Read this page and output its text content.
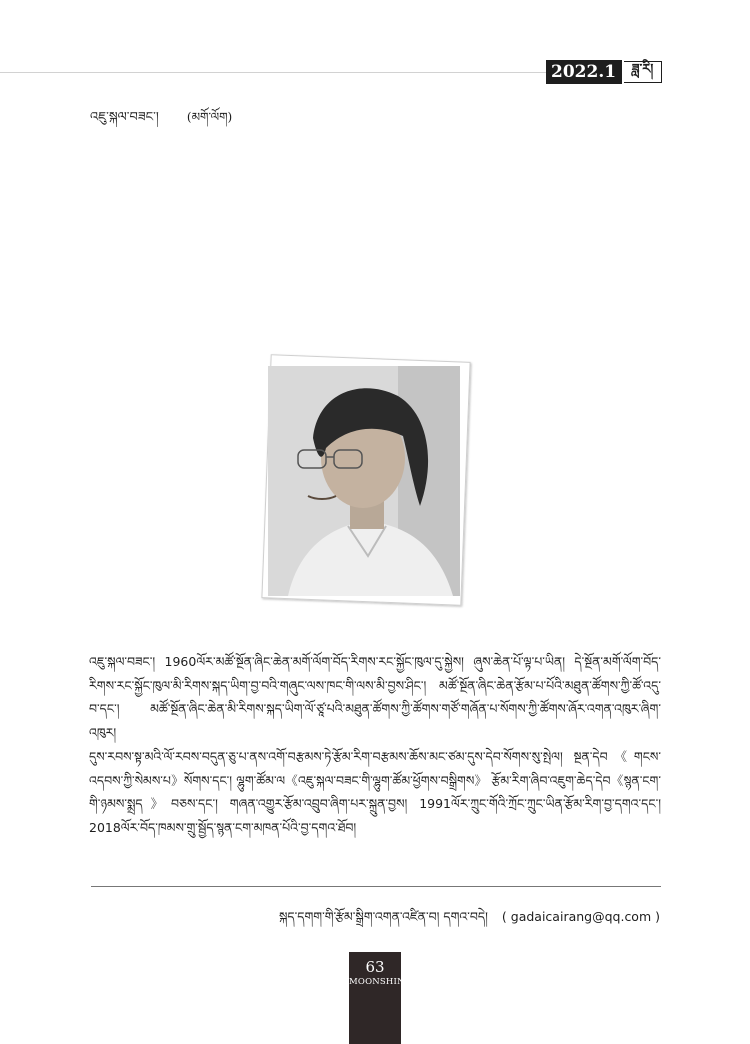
2022.1	ཟླ་རི།
འཇུ་སྐལ་བཟང་། (མགོ་ལོག)
འཇུ་སྐལ་བཟང་། 1960ལོར་མཚོ་སྔོན་ཞིང་ཆེན་མགོ་ལོག་བོད་རིགས་རང་སྐྱོང་ཁུལ་དུ་སྐྱེས། ཞུས་ཆེན་པོ་ལྟ་པ་ཡིན། དེ་སྔོན་མགོ་ལོག་བོད་རིགས་རང་སྐྱོང་ཁུལ་མི་རིགས་སྐད་ཡིག་བྱ་བའི་གཞུང་ལས་ཁང་གི་ལས་མི་བྱས་ཤིང་། མཚོ་སྔོན་ཞིང་ཆེན་རྩོམ་པ་པོའི་མཐུན་ཚོགས་ཀྱི་ཚོ་འདུ་བ་དང་། མཚོ་སྔོན་ཞིང་ཆེན་མི་རིགས་སྐད་ཡིག་ལོ་ཙཱ་པའི་མཐུན་ཚོགས་ཀྱི་ཚོགས་གཙོ་གཞོན་པ་སོགས་ཀྱི་ཚོགས་ཞོར་འགན་འཁུར་ཞིག་འཁུར།
དུས་རབས་སྟ་མའི་ལོ་རབས་བདུན་ཅུ་པ་ནས་འགོ་བརྩམས་ཏེ་རྩོམ་རིག་བརྩམས་ཆོས་མང་ཙམ་དུས་དེབ་སོགས་སུ་སྤེལ། སྔན་དེབ《གངས་འདབས་ཀྱི་སེམས་པ》སོགས་དང་། ལྷུག་ཚོམ་ལ《འཇུ་སྐལ་བཟང་གི་ལྷུག་ཚོམ་ཕྱོགས་བསྒྲིགས》 རྩོམ་རིག་ཞིབ་འཇུག་ཆེད་དེབ《སྙན་ངག་གི་ཉམས་སྨྲད》བཅས་དང་། གཞན་འགྱུར་རྩོམ་འབྲུབ་ཞིག་པར་སྐྲུན་བྱས། 1991ལོར་ཀྲུང་གོའི་ཀྲོང་ཀྲུང་ཡིན་རྩོམ་རིག་བྱ་དགའ་དང་། 2018ལོར་བོད་ཁམས་གྲུ་སྦྱོད་སྙན་ངག་མཁན་པོའི་བྱ་དགའ་ཐོབ།
སྐད་དགག་གི་རྩོམ་སྒྲིག་འགན་འཛིན་བ། དགའ་བདེ། ( gadaicairang@qq.com )
63
MOONSHINE
